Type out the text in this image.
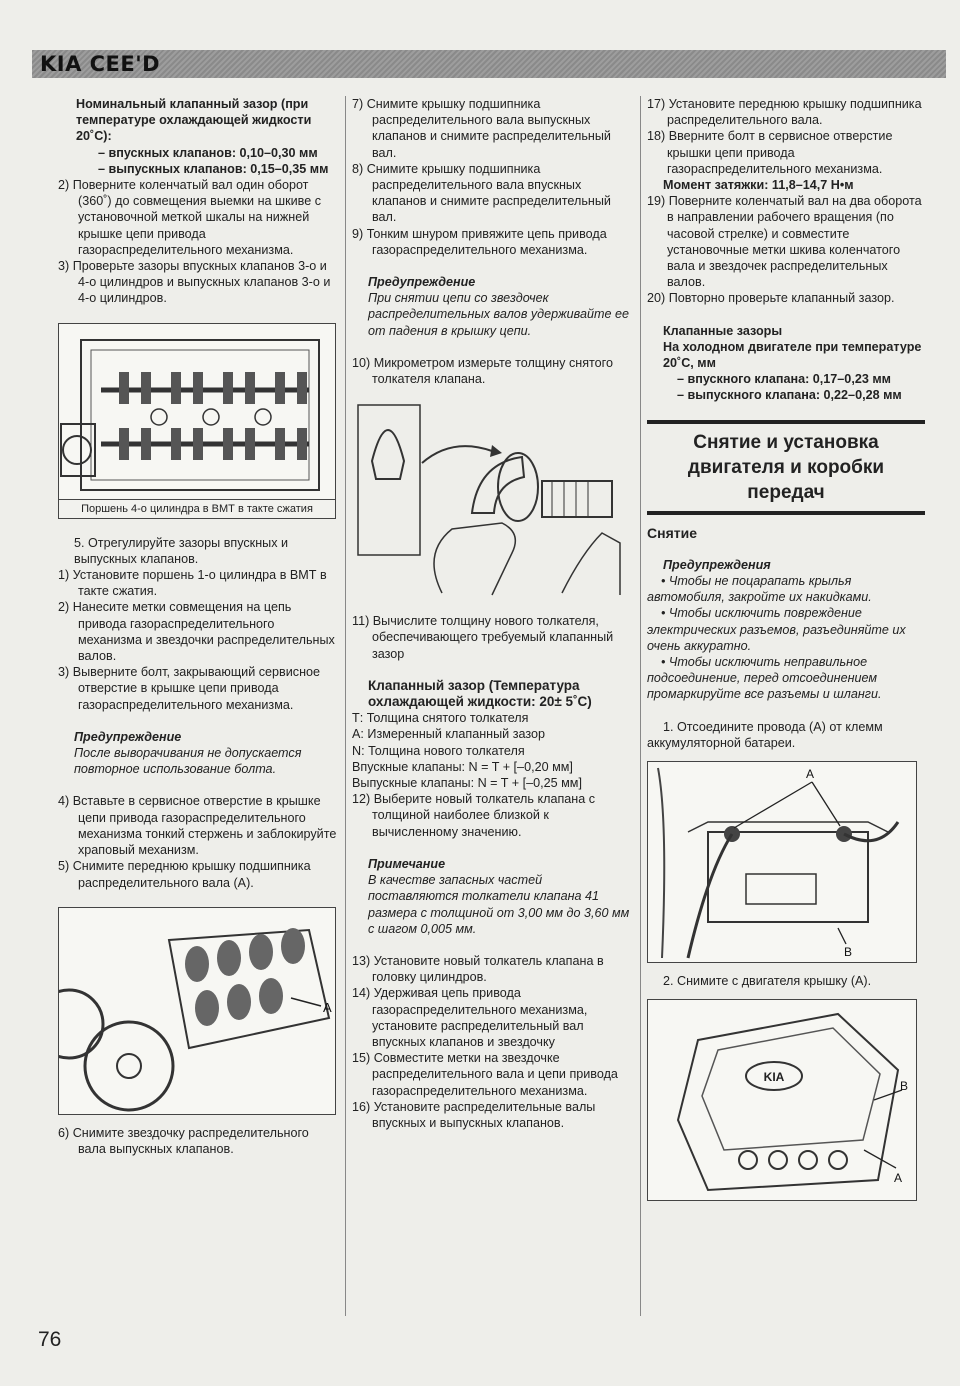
KIA CEE'D

Номинальный клапанный зазор (при температуре охлаждающей жидкости 20˚С):

– впускных клапанов: 0,10–0,30 мм

– выпускных клапанов: 0,15–0,35 мм

2) Поверните коленчатый вал один оборот (360˚) до совмещения выемки на шкиве с установочной меткой шкалы на нижней крышке цепи привода газораспределительного механизма.

3) Проверьте зазоры впускных клапанов 3-о и 4-о цилиндров и выпускных клапанов 3-о и 4-о цилиндров.

Поршень 4-о цилиндра в ВМТ в такте сжатия

5. Отрегулируйте зазоры впускных и выпускных клапанов.

1) Установите поршень 1-о цилиндра в ВМТ в такте сжатия.

2) Нанесите метки совмещения на цепь привода газораспределительного механизма и звездочки распределительных валов.

3) Выверните болт, закрывающий сервисное отверстие в крышке цепи привода газораспределительного механизма.

Предупреждение

После выворачивания не допускается повторное использование болта.

4) Вставьте в сервисное отверстие в крышке цепи привода газораспределительного механизма тонкий стержень и заблокируйте храповый механизм.

5) Снимите переднюю крышку подшипника распределительного вала (А).

A

6) Снимите звездочку распределительного вала выпускных клапанов.

7) Снимите крышку подшипника распределительного вала выпускных клапанов и снимите распределительный вал.

8) Снимите крышку подшипника распределительного вала впускных клапанов и снимите распределительный вал.

9) Тонким шнуром привяжите цепь привода газораспределительного механизма.

Предупреждение

При снятии цепи со звездочек распределительных валов удерживайте ее от падения в крышку цепи.

10) Микрометром измерьте толщину снятого толкателя клапана.

11) Вычислите толщину нового толкателя, обеспечивающего требуемый клапанный зазор

Клапанный зазор (Температура охлаждающей жидкости: 20± 5˚С)

Т: Толщина снятого толкателя

А: Измеренный клапанный зазор

N: Толщина нового толкателя

Впускные клапаны: N = T + [–0,20 мм]

Выпускные клапаны: N = T + [–0,25 мм]

12) Выберите новый толкатель клапана с толщиной наиболее близкой к вычисленному значению.

Примечание

В качестве запасных частей поставляются толкатели клапана 41 размера с толщиной от 3,00 мм до 3,60 мм с шагом 0,005 мм.

13) Установите новый толкатель клапана в головку цилиндров.

14) Удерживая цепь привода газораспределительного механизма, установите распределительный вал впускных клапанов и звездочку

15) Совместите метки на звездочке распределительного вала и цепи привода газораспределительного механизма.

16) Установите распределительные валы впускных и выпускных клапанов.

17) Установите переднюю крышку подшипника распределительного вала.

18) Вверните болт в сервисное отверстие крышки цепи привода газораспределительного механизма.

Момент затяжки: 11,8–14,7 Н•м

19) Поверните коленчатый вал на два оборота в направлении рабочего вращения (по часовой стрелке) и совместите установочные метки шкива коленчатого вала и звездочек распределительных валов.

20) Повторно проверьте клапанный зазор.

Клапанные зазоры

На холодном двигателе при температуре 20˚С, мм

– впускного клапана: 0,17–0,23 мм

– выпускного клапана: 0,22–0,28 мм

Снятие и установка двигателя и коробки передач

Снятие

Предупреждения

• Чтобы не поцарапать крылья автомобиля, закройте их накидками.

• Чтобы исключить повреждение электрических разъемов, разъединяйте их очень аккуратно.

• Чтобы исключить неправильное подсоединение, перед отсоединением промаркируйте все разъемы и шланги.

1. Отсоедините провода (А) от клемм аккумуляторной батареи.

A
B

2. Снимите с двигателя крышку (А).

KIA
B
A
76
